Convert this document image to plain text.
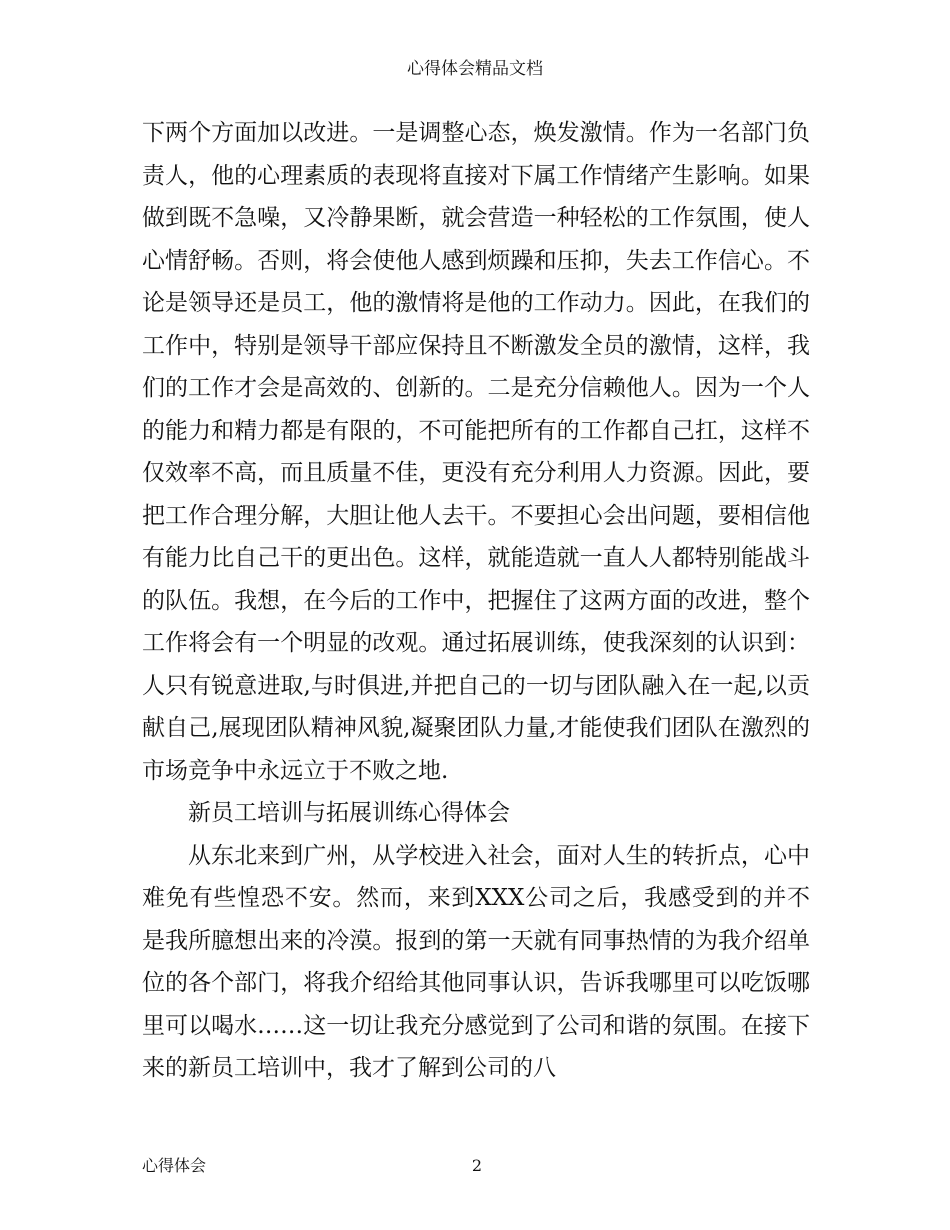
心得体会精品文档

下两个方面加以改进。一是调整心态，焕发激情。作为一名部门负责人，他的心理素质的表现将直接对下属工作情绪产生影响。如果做到既不急噪，又冷静果断，就会营造一种轻松的工作氛围，使人心情舒畅。否则，将会使他人感到烦躁和压抑，失去工作信心。不论是领导还是员工，他的激情将是他的工作动力。因此，在我们的工作中，特别是领导干部应保持且不断激发全员的激情，这样，我们的工作才会是高效的、创新的。二是充分信赖他人。因为一个人的能力和精力都是有限的，不可能把所有的工作都自己扛，这样不仅效率不高，而且质量不佳，更没有充分利用人力资源。因此，要把工作合理分解，大胆让他人去干。不要担心会出问题，要相信他有能力比自己干的更出色。这样，就能造就一直人人都特别能战斗的队伍。我想，在今后的工作中，把握住了这两方面的改进，整个工作将会有一个明显的改观。通过拓展训练，使我深刻的认识到：人只有锐意进取,与时俱进,并把自己的一切与团队融入在一起,以贡献自己,展现团队精神风貌,凝聚团队力量,才能使我们团队在激烈的市场竞争中永远立于不败之地.

新员工培训与拓展训练心得体会

从东北来到广州，从学校进入社会，面对人生的转折点，心中难免有些惶恐不安。然而，来到XXX公司之后，我感受到的并不是我所臆想出来的冷漠。报到的第一天就有同事热情的为我介绍单位的各个部门，将我介绍给其他同事认识，告诉我哪里可以吃饭哪里可以喝水……这一切让我充分感觉到了公司和谐的氛围。在接下来的新员工培训中，我才了解到公司的八

心得体会	2
